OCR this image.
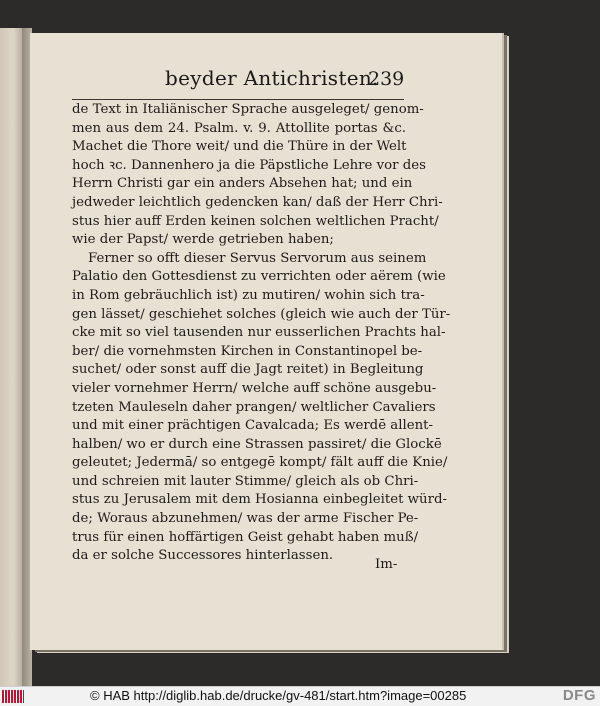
beyder Antichristen.
239
de Text in Italiänischer Sprache ausgeleget/ genom-
men aus dem 24. Psalm. v. 9. Attollite portas &c.
Machet die Thore weit/ und die Thüre in der Welt
hoch ꝛc. Dannenhero ja die Päpstliche Lehre vor des
Herrn Christi gar ein anders Absehen hat; und ein
jedweder leichtlich gedencken kan/ daß der Herr Chri-
stus hier auff Erden keinen solchen weltlichen Pracht/
wie der Papst/ werde getrieben haben;
Ferner so offt dieser Servus Servorum aus seinem
Palatio den Gottesdienst zu verrichten oder aërem (wie
in Rom gebräuchlich ist) zu mutiren/ wohin sich tra-
gen lässet/ geschiehet solches (gleich wie auch der Tür-
cke mit so viel tausenden nur eusserlichen Prachts hal-
ber/ die vornehmsten Kirchen in Constantinopel be-
suchet/ oder sonst auff die Jagt reitet) in Begleitung
vieler vornehmer Herrn/ welche auff schöne ausgebu-
tzeten Mauleseln daher prangen/ weltlicher Cavaliers
und mit einer prächtigen Cavalcada; Es werdē allent-
halben/ wo er durch eine Strassen passiret/ die Glockē
geleutet; Jedermā/ so entgegē kompt/ fält auff die Knie/
und schreien mit lauter Stimme/ gleich als ob Chri-
stus zu Jerusalem mit dem Hosianna einbegleitet würd-
de; Woraus abzunehmen/ was der arme Fischer Pe-
trus für einen hoffärtigen Geist gehabt haben muß/
da er solche Successores hinterlassen.
Im-
© HAB http://diglib.hab.de/drucke/gv-481/start.htm?image=00285	DFG
